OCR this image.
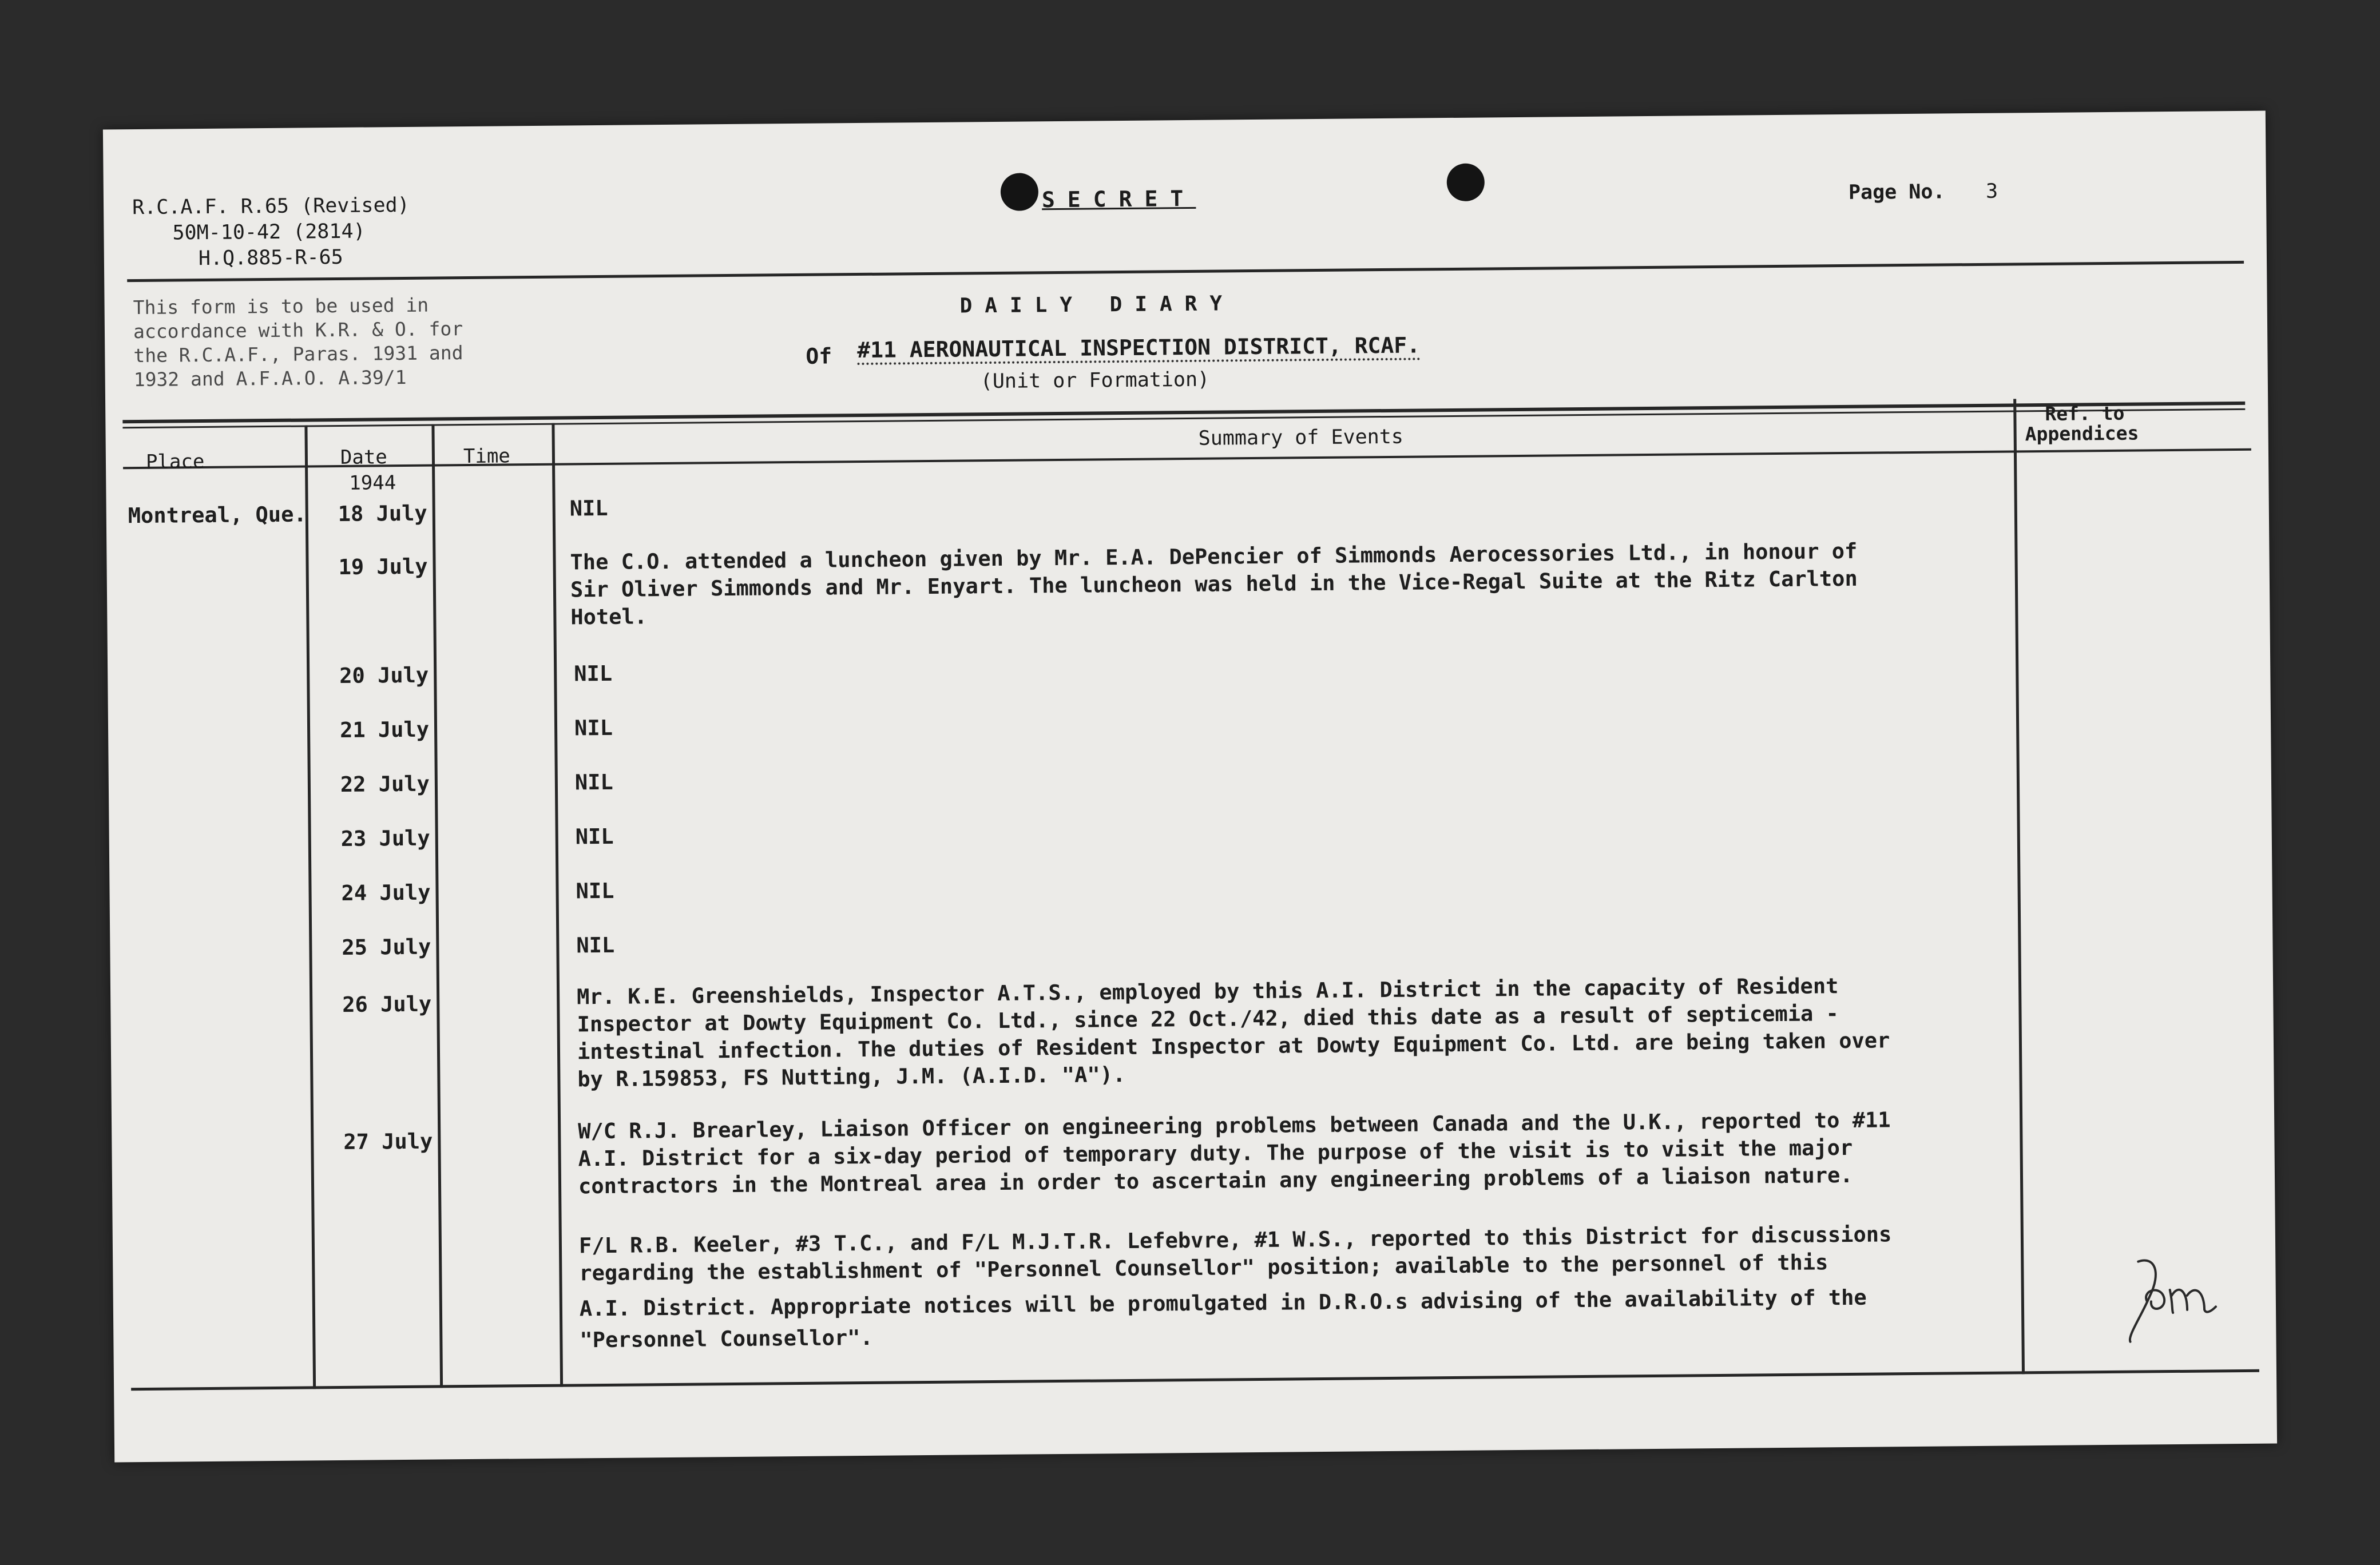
R.C.A.F. R.65 (Revised)
50M-10-42 (2814)
H.Q.885-R-65
SECRET	Page No. 3
This form is to be used in
accordance with K.R. & O. for
the R.C.A.F., Paras. 1931 and
1932 and A.F.A.O. A.39/1
DAILY DIARY
Of #11 AERONAUTICAL INSPECTION DISTRICT, RCAF.
(Unit or Formation)
Place	Date
1944
Time
Summary of Events
Ref. to
Appendices
Montreal, Que. 18 July	NIL
19 July	The C.O. attended a luncheon given by Mr. E.A. DePencier of Simmonds Aerocessories Ltd., in honour of
Sir Oliver Simmonds and Mr. Enyart. The luncheon was held in the Vice-Regal Suite at the Ritz Carlton
Hotel.
20 July	NIL
21 July	NIL
22 July	NIL
23 July	NIL
24 July	NIL
25 July	NIL
26 July	Mr. K.E. Greenshields, Inspector A.T.S., employed by this A.I. District in the capacity of Resident
Inspector at Dowty Equipment Co. Ltd., since 22 Oct./42, died this date as a result of septicemia -
intestinal infection. The duties of Resident Inspector at Dowty Equipment Co. Ltd. are being taken over
by R.159853, FS Nutting, J.M. (A.I.D. "A").
27 July	W/C R.J. Brearley, Liaison Officer on engineering problems between Canada and the U.K., reported to #11
A.I. District for a six-day period of temporary duty. The purpose of the visit is to visit the major
contractors in the Montreal area in order to ascertain any engineering problems of a liaison nature.
F/L R.B. Keeler, #3 T.C., and F/L M.J.T.R. Lefebvre, #1 W.S., reported to this District for discussions
regarding the establishment of "Personnel Counsellor" position; available to the personnel of this
A.I. District. Appropriate notices will be promulgated in D.R.O.s advising of the availability of the
"Personnel Counsellor".
